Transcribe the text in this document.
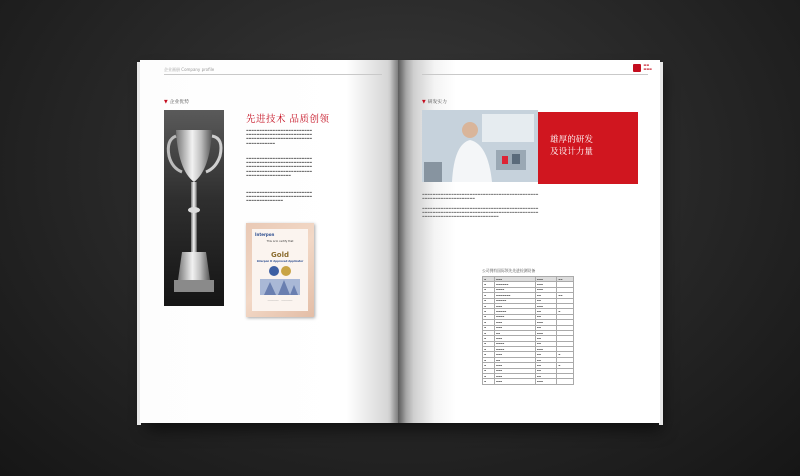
企业画册 Company profile
▼ 企业优势
先进技术 品质创领
▬▬▬▬▬▬▬▬▬▬▬▬▬▬▬▬▬▬▬▬▬▬▬▬▬
▬▬▬▬▬▬▬▬▬▬▬▬▬▬▬▬▬▬▬▬▬▬▬▬▬
▬▬▬▬▬▬▬▬▬▬▬▬▬▬▬▬▬▬▬▬▬▬▬▬▬
▬▬▬▬▬▬▬▬▬▬▬
▬▬▬▬▬▬▬▬▬▬▬▬▬▬▬▬▬▬▬▬▬▬▬▬▬
▬▬▬▬▬▬▬▬▬▬▬▬▬▬▬▬▬▬▬▬▬▬▬▬▬
▬▬▬▬▬▬▬▬▬▬▬▬▬▬▬▬▬▬▬▬▬▬▬▬▬
▬▬▬▬▬▬▬▬▬▬▬▬▬▬▬▬▬▬▬▬▬▬▬▬▬
▬▬▬▬▬▬▬▬▬▬▬▬▬▬▬▬▬
▬▬▬▬▬▬▬▬▬▬▬▬▬▬▬▬▬▬▬▬▬▬▬▬▬
▬▬▬▬▬▬▬▬▬▬▬▬▬▬▬▬▬▬▬▬▬▬▬▬▬
▬▬▬▬▬▬▬▬▬▬▬▬▬▬
Interpon
This is to certify that
Gold
Interpon D Approved Applicator
__________    __________
▬▬
▬▬▬
▼ 研发实力
雄厚的研发
及设计力量
▬▬▬▬▬▬▬▬▬▬▬▬▬▬▬▬▬▬▬▬▬▬▬▬▬▬▬▬▬▬▬▬▬▬▬▬▬▬▬▬▬▬▬▬
▬▬▬▬▬▬▬▬▬▬▬▬▬▬▬▬▬▬▬▬
▬▬▬▬▬▬▬▬▬▬▬▬▬▬▬▬▬▬▬▬▬▬▬▬▬▬▬▬▬▬▬▬▬▬▬▬▬▬▬▬▬▬▬▬
▬▬▬▬▬▬▬▬▬▬▬▬▬▬▬▬▬▬▬▬▬▬▬▬▬▬▬▬▬▬▬▬▬▬▬▬▬▬▬▬▬▬▬▬
▬▬▬▬▬▬▬▬▬▬▬▬▬▬▬▬▬▬▬▬▬▬▬▬▬▬▬▬▬
公司拥有国际领先先进检测设备
▬	▬▬▬	▬▬▬	▬▬
▬	▬▬▬▬▬▬	▬▬▬	
▬	▬▬▬▬	▬▬▬	
▬	▬▬▬▬▬▬▬	▬▬	▬▬
▬	▬▬▬▬▬	▬▬	
▬	▬▬▬	▬▬▬	
▬	▬▬▬▬▬	▬▬	▬
▬	▬▬▬▬	▬▬	
▬	▬▬▬	▬▬▬	
▬	▬▬▬	▬▬	
▬	▬▬	▬▬▬	
▬	▬▬▬	▬▬	
▬	▬▬▬▬	▬▬	
▬	▬▬▬▬	▬▬▬	
▬	▬▬▬	▬▬	▬
▬	▬▬	▬▬	
▬	▬▬▬	▬▬	▬
▬	▬▬▬	▬▬	
▬	▬▬▬	▬▬	
▬	▬▬▬	▬▬▬	
